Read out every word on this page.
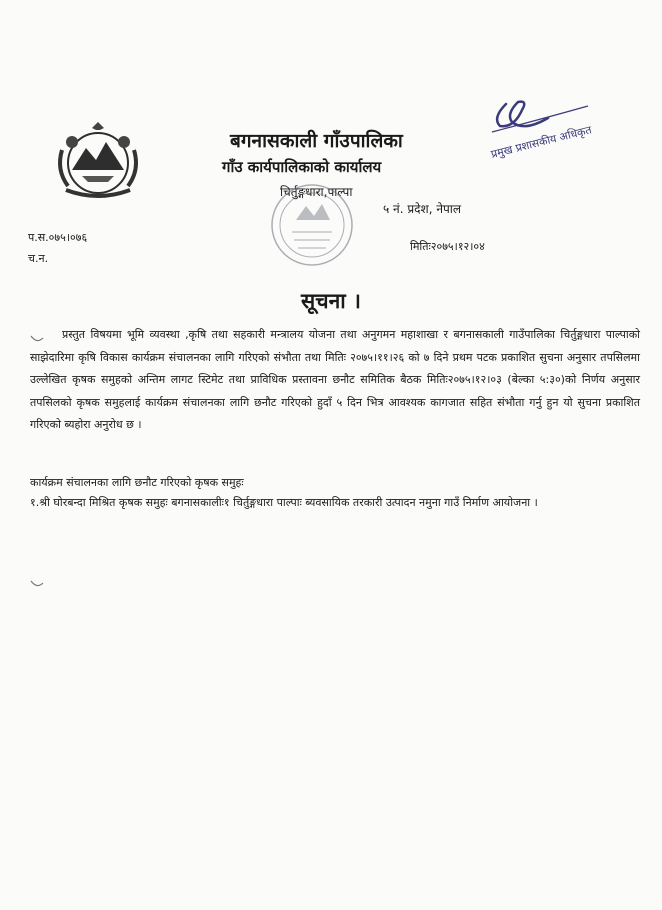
बगनासकाली गाँउपालिका
गाँउ कार्यपालिकाको कार्यालय
चिर्तुङ्गधारा,पाल्पा
५ नं. प्रदेश, नेपाल
प्रमुख प्रशासकीय अधिकृत
प.स.०७५।०७६
च.न.
मितिः२०७५।१२।०४
सूचना ।
प्रस्तुत विषयमा भूमि व्यवस्था ,कृषि तथा सहकारी मन्त्रालय योजना तथा अनुगमन महाशाखा र बगनासकाली गाउँपालिका चिर्तुङ्गधारा पाल्पाको साझेदारिमा कृषि विकास कार्यक्रम संचालनका लागि गरिएको संभौता तथा मितिः २०७५।११।२६ को ७ दिने प्रथम पटक प्रकाशित सुचना अनुसार तपसिलमा उल्लेखित कृषक समुहको अन्तिम लागट स्टिमेट तथा प्राविधिक प्रस्तावना छनौट समितिक बैठक मितिः२०७५।१२।०३ (बेल्का ५:३०)को निर्णय अनुसार तपसिलको कृषक समुहलाई कार्यक्रम संचालनका लागि छनौट गरिएको हुदाँ ५ दिन भित्र आवश्यक कागजात सहित संभौता गर्नु हुन यो सुचना प्रकाशित गरिएको ब्यहोरा अनुरोध छ ।
कार्यक्रम संचालनका लागि छनौट गरिएको कृषक समुहः
१.श्री घोरबन्दा मिश्रित कृषक समुहः बगनासकालीः१ चिर्तुङ्गधारा पाल्पाः ब्यवसायिक तरकारी उत्पादन नमुना गाउँ निर्माण आयोजना ।
